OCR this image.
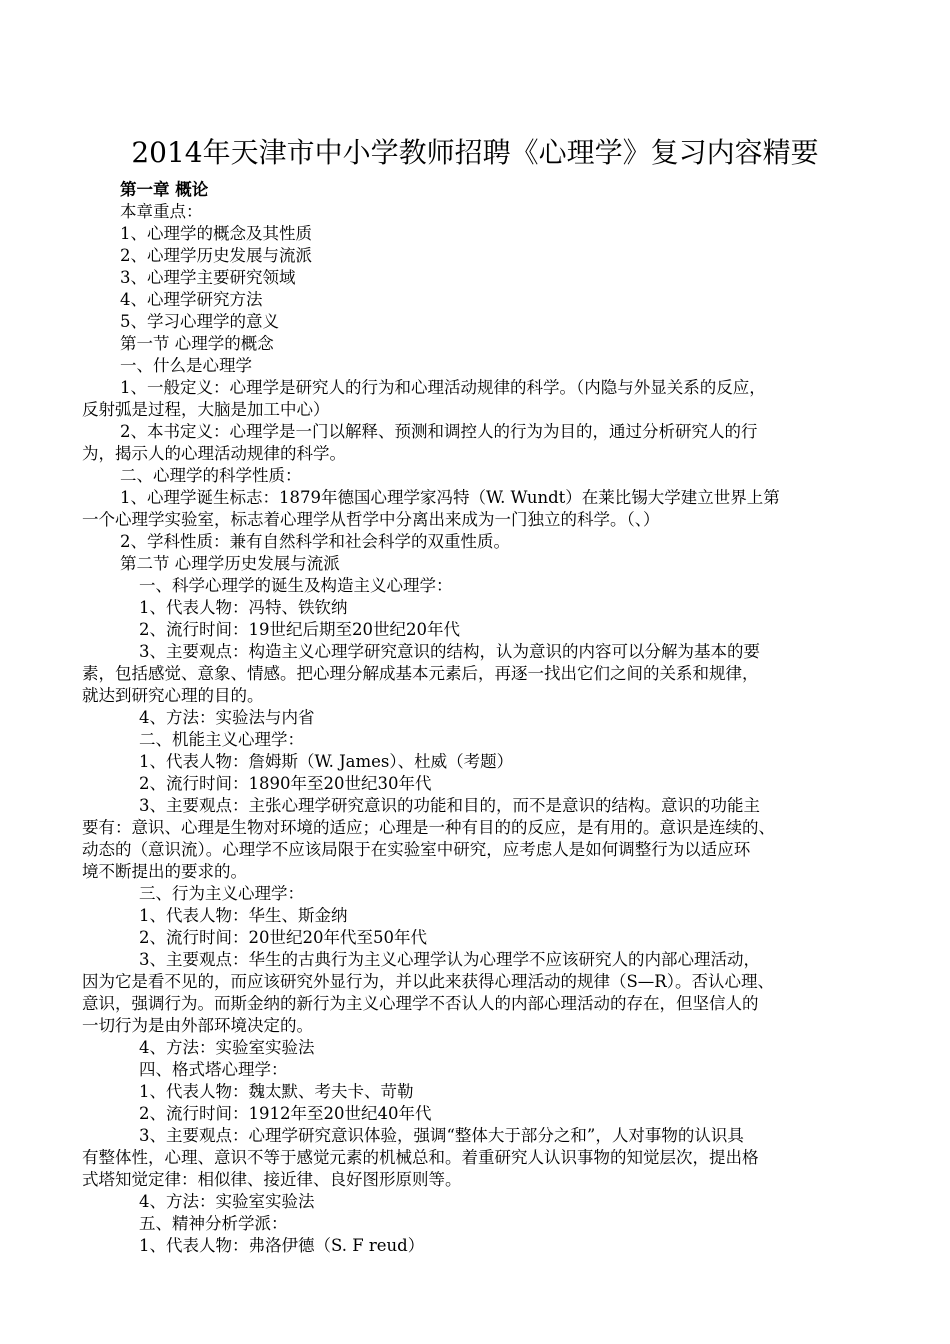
2014年天津市中小学教师招聘《心理学》复习内容精要
第一章 概论
本章重点：
1、心理学的概念及其性质
2、心理学历史发展与流派
3、心理学主要研究领域
4、心理学研究方法
5、学习心理学的意义
第一节 心理学的概念
一、什么是心理学
1、一般定义：心理学是研究人的行为和心理活动规律的科学。（内隐与外显关系的反应，
反射弧是过程，大脑是加工中心）
2、本书定义：心理学是一门以解释、预测和调控人的行为为目的，通过分析研究人的行
为，揭示人的心理活动规律的科学。
二、心理学的科学性质：
1、心理学诞生标志：1879年德国心理学家冯特（W. Wundt）在莱比锡大学建立世界上第
一个心理学实验室，标志着心理学从哲学中分离出来成为一门独立的科学。（、）
2、学科性质：兼有自然科学和社会科学的双重性质。
第二节 心理学历史发展与流派
一、科学心理学的诞生及构造主义心理学：
1、代表人物：冯特、铁钦纳
2、流行时间：19世纪后期至20世纪20年代
3、主要观点：构造主义心理学研究意识的结构，认为意识的内容可以分解为基本的要
素，包括感觉、意象、情感。把心理分解成基本元素后，再逐一找出它们之间的关系和规律，
就达到研究心理的目的。
4、方法：实验法与内省
二、机能主义心理学：
1、代表人物：詹姆斯（W. James）、杜威（考题）
2、流行时间：1890年至20世纪30年代
3、主要观点：主张心理学研究意识的功能和目的，而不是意识的结构。意识的功能主
要有：意识、心理是生物对环境的适应；心理是一种有目的的反应，是有用的。意识是连续的、
动态的（意识流）。心理学不应该局限于在实验室中研究，应考虑人是如何调整行为以适应环
境不断提出的要求的。
三、行为主义心理学：
1、代表人物：华生、斯金纳
2、流行时间：20世纪20年代至50年代
3、主要观点：华生的古典行为主义心理学认为心理学不应该研究人的内部心理活动，
因为它是看不见的，而应该研究外显行为，并以此来获得心理活动的规律（S—R）。否认心理、
意识，强调行为。而斯金纳的新行为主义心理学不否认人的内部心理活动的存在，但坚信人的
一切行为是由外部环境决定的。
4、方法：实验室实验法
四、格式塔心理学：
1、代表人物：魏太默、考夫卡、苛勒
2、流行时间：1912年至20世纪40年代
3、主要观点：心理学研究意识体验，强调“整体大于部分之和”，人对事物的认识具
有整体性，心理、意识不等于感觉元素的机械总和。着重研究人认识事物的知觉层次，提出格
式塔知觉定律：相似律、接近律、良好图形原则等。
4、方法：实验室实验法
五、精神分析学派：
1、代表人物：弗洛伊德（S. F reud）
